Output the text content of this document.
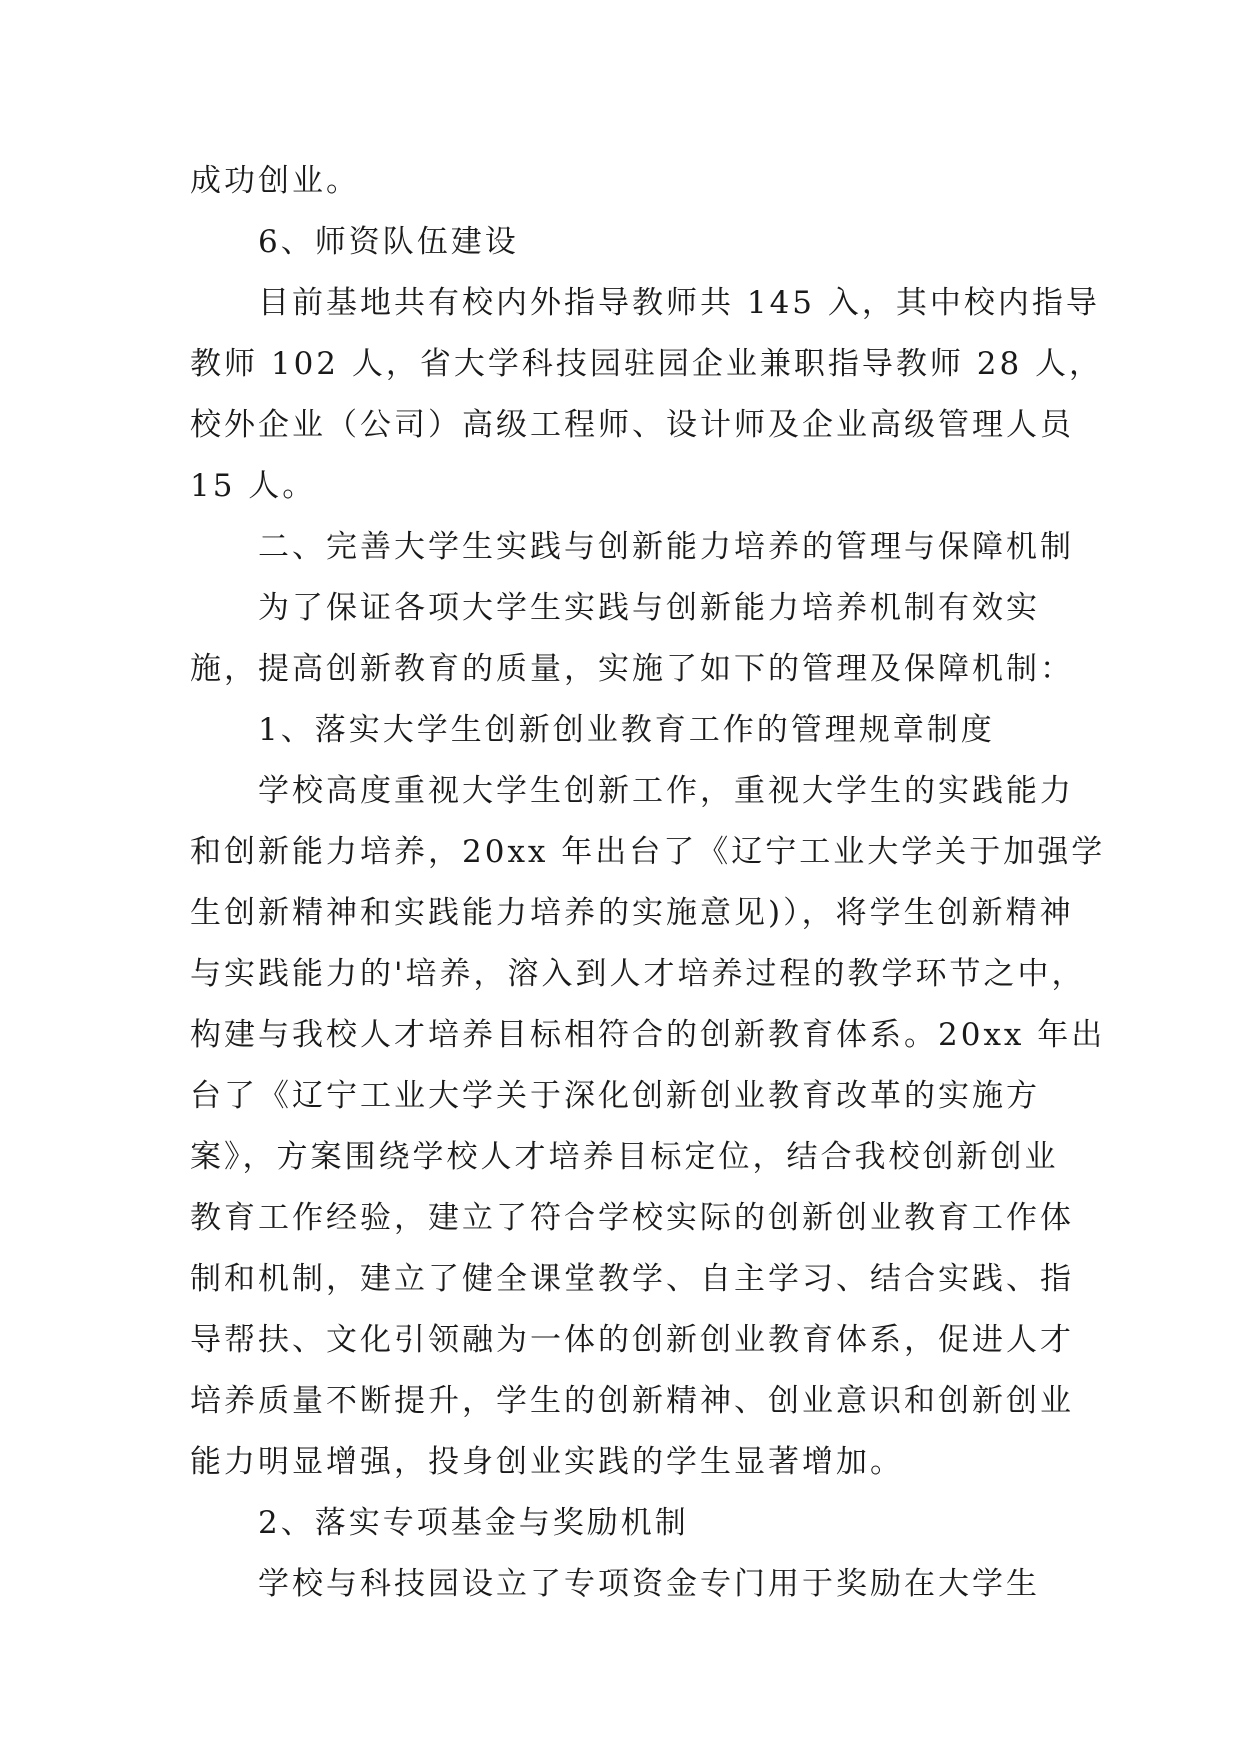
成功创业。
6、师资队伍建设
目前基地共有校内外指导教师共 145 入，其中校内指导
教师 102 人，省大学科技园驻园企业兼职指导教师 28 人，
校外企业（公司）高级工程师、设计师及企业高级管理人员
15 人。
二、完善大学生实践与创新能力培养的管理与保障机制
为了保证各项大学生实践与创新能力培养机制有效实
施，提高创新教育的质量，实施了如下的管理及保障机制：
1、落实大学生创新创业教育工作的管理规章制度
学校高度重视大学生创新工作，重视大学生的实践能力
和创新能力培养，20xx 年出台了《辽宁工业大学关于加强学
生创新精神和实践能力培养的实施意见)），将学生创新精神
与实践能力的'培养，溶入到人才培养过程的教学环节之中，
构建与我校人才培养目标相符合的创新教育体系。20xx 年出
台了《辽宁工业大学关于深化创新创业教育改革的实施方
案》，方案围绕学校人才培养目标定位，结合我校创新创业
教育工作经验，建立了符合学校实际的创新创业教育工作体
制和机制，建立了健全课堂教学、自主学习、结合实践、指
导帮扶、文化引领融为一体的创新创业教育体系，促进人才
培养质量不断提升，学生的创新精神、创业意识和创新创业
能力明显增强，投身创业实践的学生显著增加。
2、落实专项基金与奖励机制
学校与科技园设立了专项资金专门用于奖励在大学生
